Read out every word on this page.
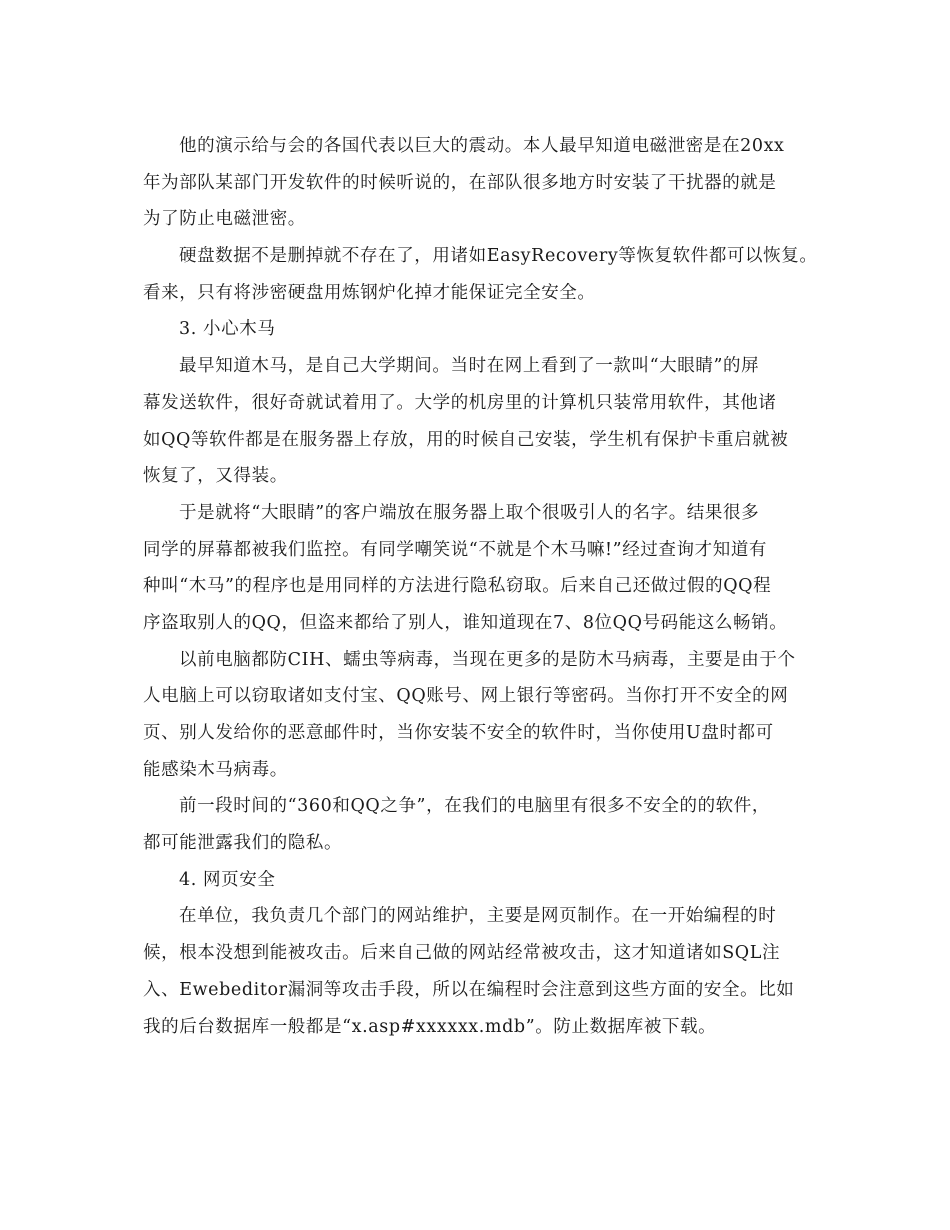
他的演示给与会的各国代表以巨大的震动。本人最早知道电磁泄密是在20xx
年为部队某部门开发软件的时候听说的，在部队很多地方时安装了干扰器的就是
为了防止电磁泄密。
硬盘数据不是删掉就不存在了，用诸如EasyRecovery等恢复软件都可以恢复。
看来，只有将涉密硬盘用炼钢炉化掉才能保证完全安全。
3. 小心木马
最早知道木马，是自己大学期间。当时在网上看到了一款叫“大眼睛”的屏
幕发送软件，很好奇就试着用了。大学的机房里的计算机只装常用软件，其他诸
如QQ等软件都是在服务器上存放，用的时候自己安装，学生机有保护卡重启就被
恢复了，又得装。
于是就将“大眼睛”的客户端放在服务器上取个很吸引人的名字。结果很多
同学的屏幕都被我们监控。有同学嘲笑说“不就是个木马嘛!”经过查询才知道有
种叫“木马”的程序也是用同样的方法进行隐私窃取。后来自己还做过假的QQ程
序盗取别人的QQ，但盗来都给了别人，谁知道现在7、8位QQ号码能这么畅销。
以前电脑都防CIH、蠕虫等病毒，当现在更多的是防木马病毒，主要是由于个
人电脑上可以窃取诸如支付宝、QQ账号、网上银行等密码。当你打开不安全的网
页、别人发给你的恶意邮件时，当你安装不安全的软件时，当你使用U盘时都可
能感染木马病毒。
前一段时间的“360和QQ之争”，在我们的电脑里有很多不安全的的软件，
都可能泄露我们的隐私。
4. 网页安全
在单位，我负责几个部门的网站维护，主要是网页制作。在一开始编程的时
候，根本没想到能被攻击。后来自己做的网站经常被攻击，这才知道诸如SQL注
入、Ewebeditor漏洞等攻击手段，所以在编程时会注意到这些方面的安全。比如
我的后台数据库一般都是“x.asp#xxxxxx.mdb”。防止数据库被下载。
